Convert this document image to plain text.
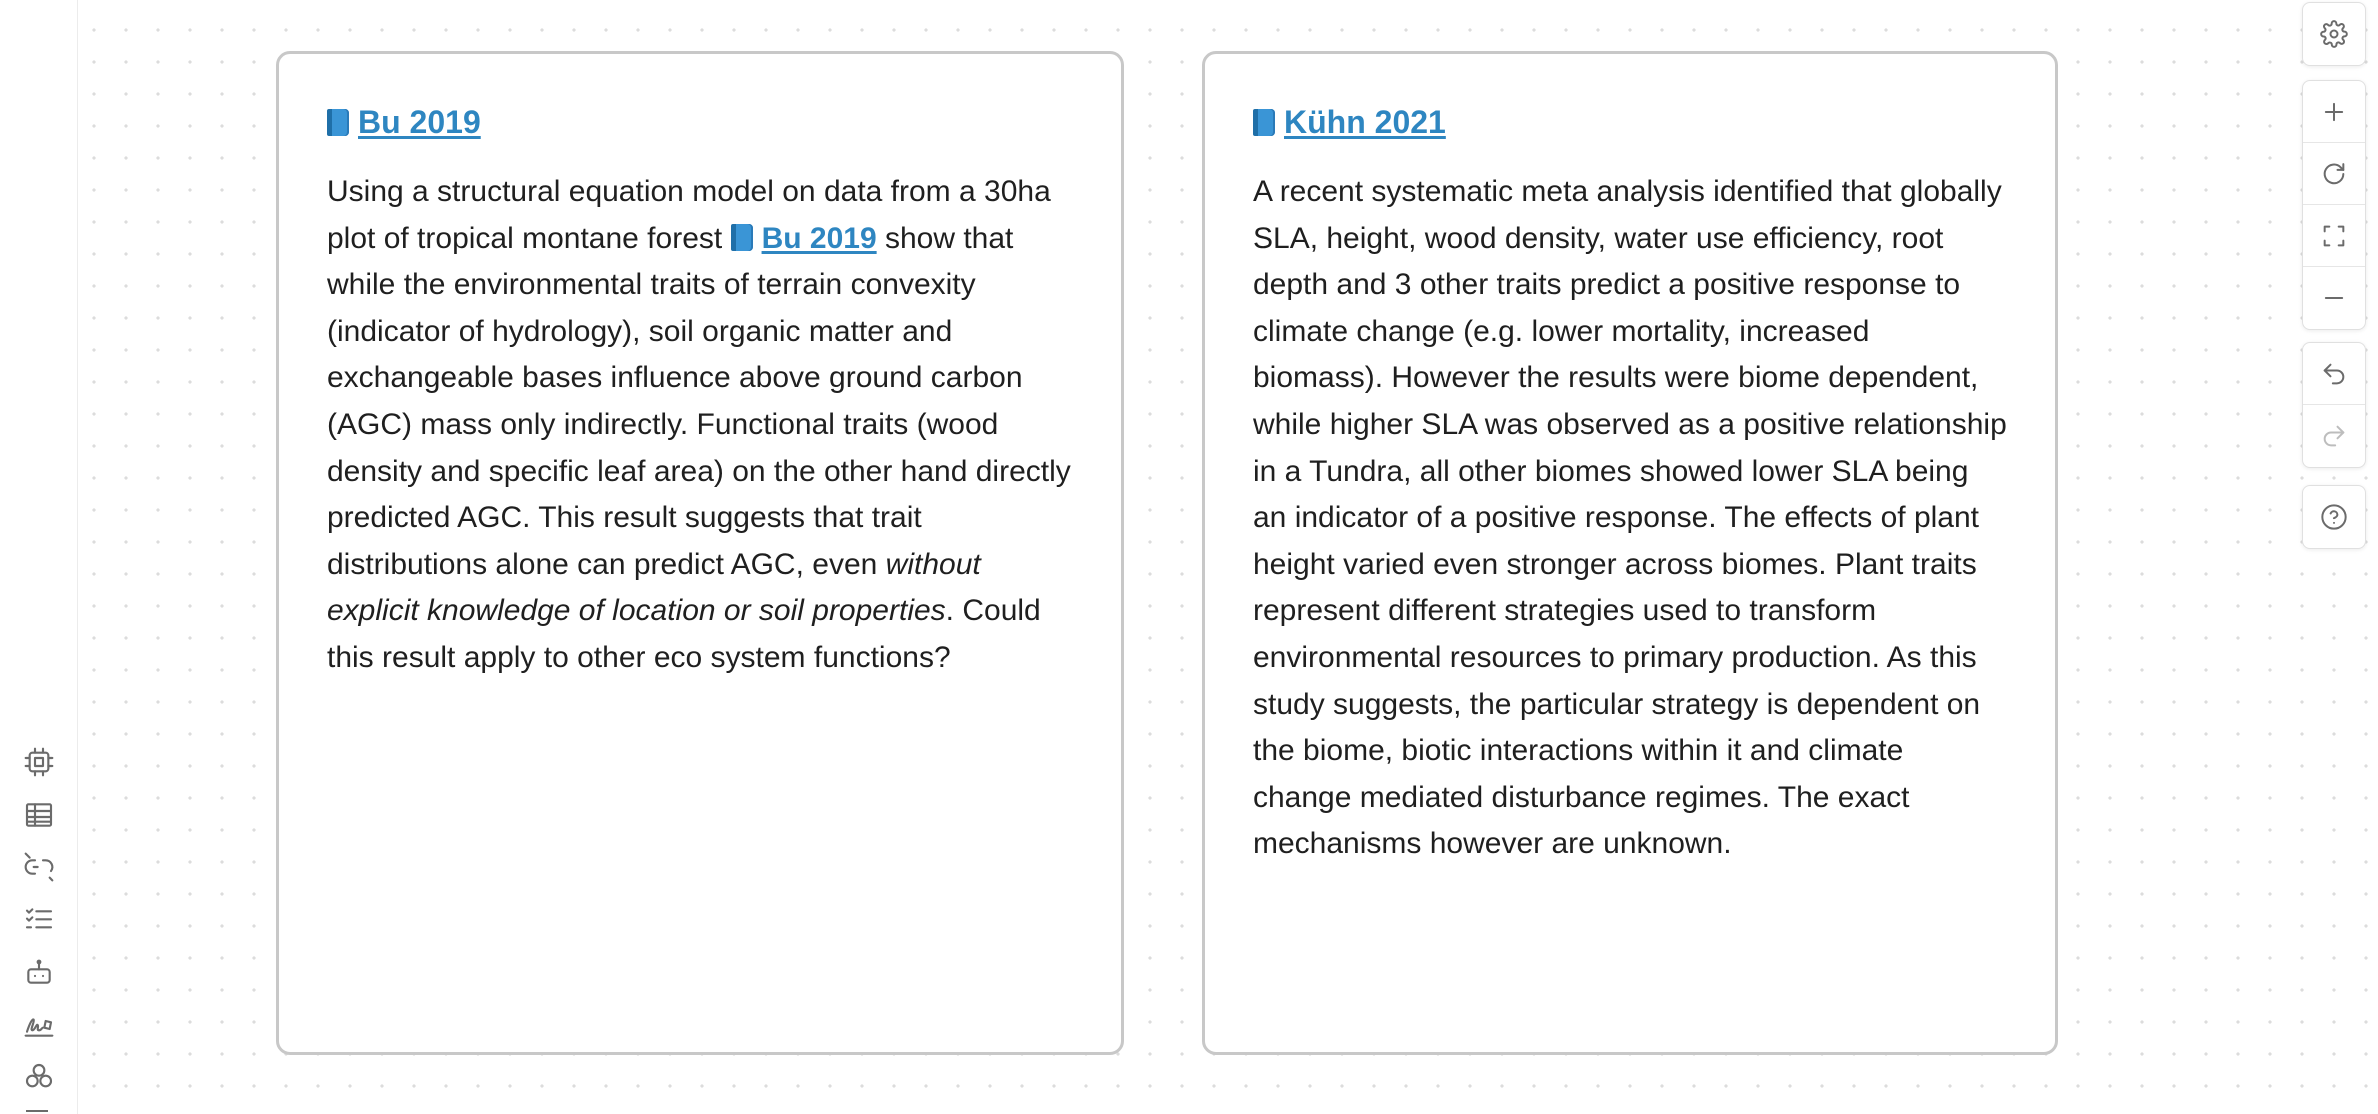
Bu 2019

Using a structural equation model on data from a 30ha plot of tropical montane forest Bu 2019 show that while the environmental traits of terrain convexity (indicator of hydrology), soil organic matter and exchangeable bases influence above ground carbon (AGC) mass only indirectly. Functional traits (wood density and specific leaf area) on the other hand directly predicted AGC. This result suggests that trait distributions alone can predict AGC, even without explicit knowledge of location or soil properties. Could this result apply to other eco system functions?

Kühn 2021

A recent systematic meta analysis identified that globally SLA, height, wood density, water use efficiency, root depth and 3 other traits predict a positive response to climate change (e.g. lower mortality, increased biomass). However the results were biome dependent, while higher SLA was observed as a positive relationship in a Tundra, all other biomes showed lower SLA being an indicator of a positive response. The effects of plant height varied even stronger across biomes. Plant traits represent different strategies used to transform environmental resources to primary production. As this study suggests, the particular strategy is dependent on the biome, biotic interactions within it and climate change mediated disturbance regimes. The exact mechanisms however are unknown.
